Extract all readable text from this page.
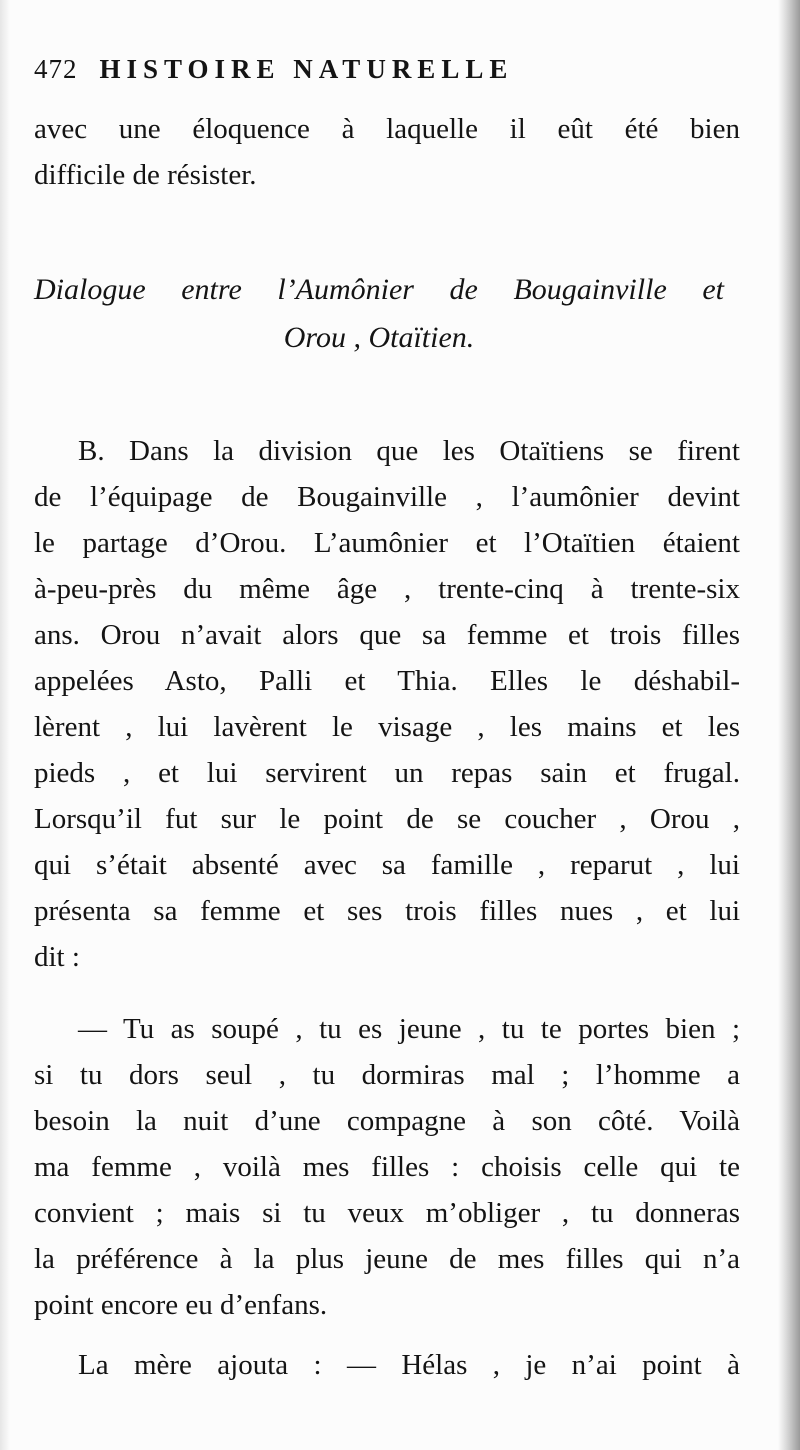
472 HISTOIRE NATURELLE
avec une éloquence à laquelle il eût été bien
difficile de résister.
Dialogue entre l’Aumônier de Bougainville et
Orou , Otaïtien.
B. Dans la division que les Otaïtiens se firent
de l’équipage de Bougainville , l’aumônier devint
le partage d’Orou. L’aumônier et l’Otaïtien étaient
à-peu-près du même âge , trente-cinq à trente-six
ans. Orou n’avait alors que sa femme et trois filles
appelées Asto, Palli et Thia. Elles le déshabil-
lèrent , lui lavèrent le visage , les mains et les
pieds , et lui servirent un repas sain et frugal.
Lorsqu’il fut sur le point de se coucher , Orou ,
qui s’était absenté avec sa famille , reparut , lui
présenta sa femme et ses trois filles nues , et lui
dit :
— Tu as soupé , tu es jeune , tu te portes bien ;
si tu dors seul , tu dormiras mal ; l’homme a
besoin la nuit d’une compagne à son côté. Voilà
ma femme , voilà mes filles : choisis celle qui te
convient ; mais si tu veux m’obliger , tu donneras
la préférence à la plus jeune de mes filles qui n’a
point encore eu d’enfans.
La mère ajouta : — Hélas , je n’ai point à
